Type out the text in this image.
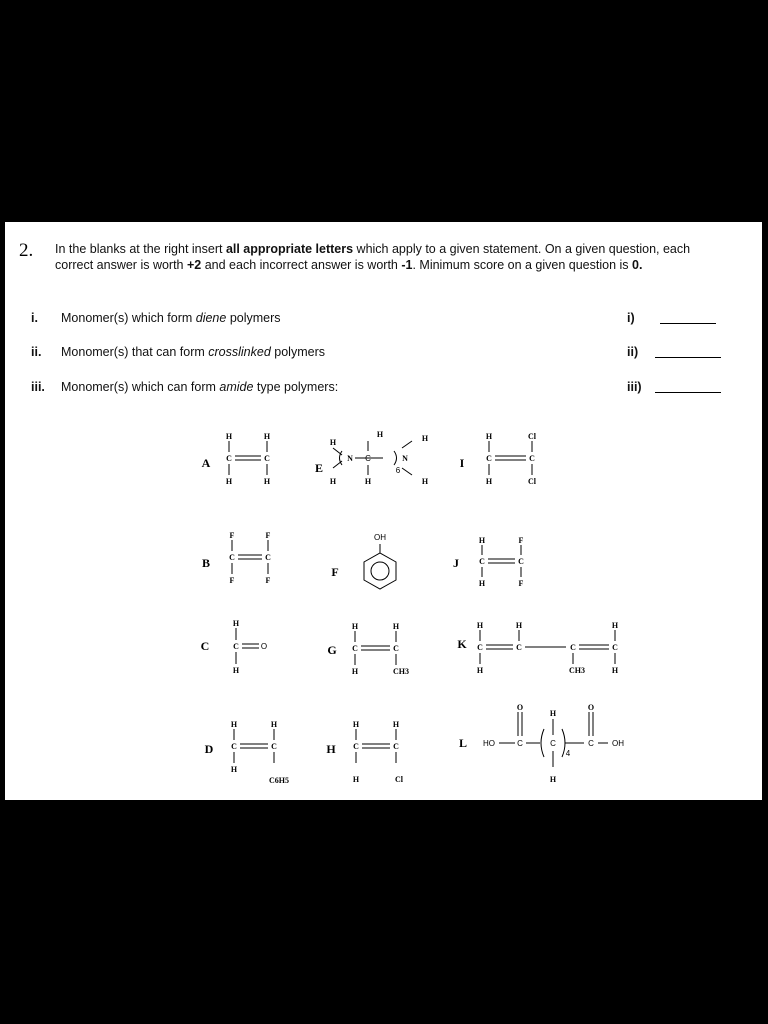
2. In the blanks at the right insert all appropriate letters which apply to a given statement. On a given question, each correct answer is worth +2 and each incorrect answer is worth -1. Minimum score on a given question is 0.
i. Monomer(s) which form diene polymers	i)
ii. Monomer(s) that can form crosslinked polymers	ii)
iii. Monomer(s) which can form amide type polymers:	iii)
A	E	I
B
F
J
C	G	K
D	H	L
H	H
C	C
H	H
H
H	H
N C
6
N
H	H	H
H	Cl
C	C
H	Cl
F	F
C	C
F	F
OH	H	F
C	C
H	F
H
C	O
H
H	H
C	C
H	CH3
H	H
C	C	C	C
H	CH3	H
H
H	H
C	C
H
C6H5
H	H
C	C
H	Cl
O
H
O
HO	C	C
4
C OH
H
